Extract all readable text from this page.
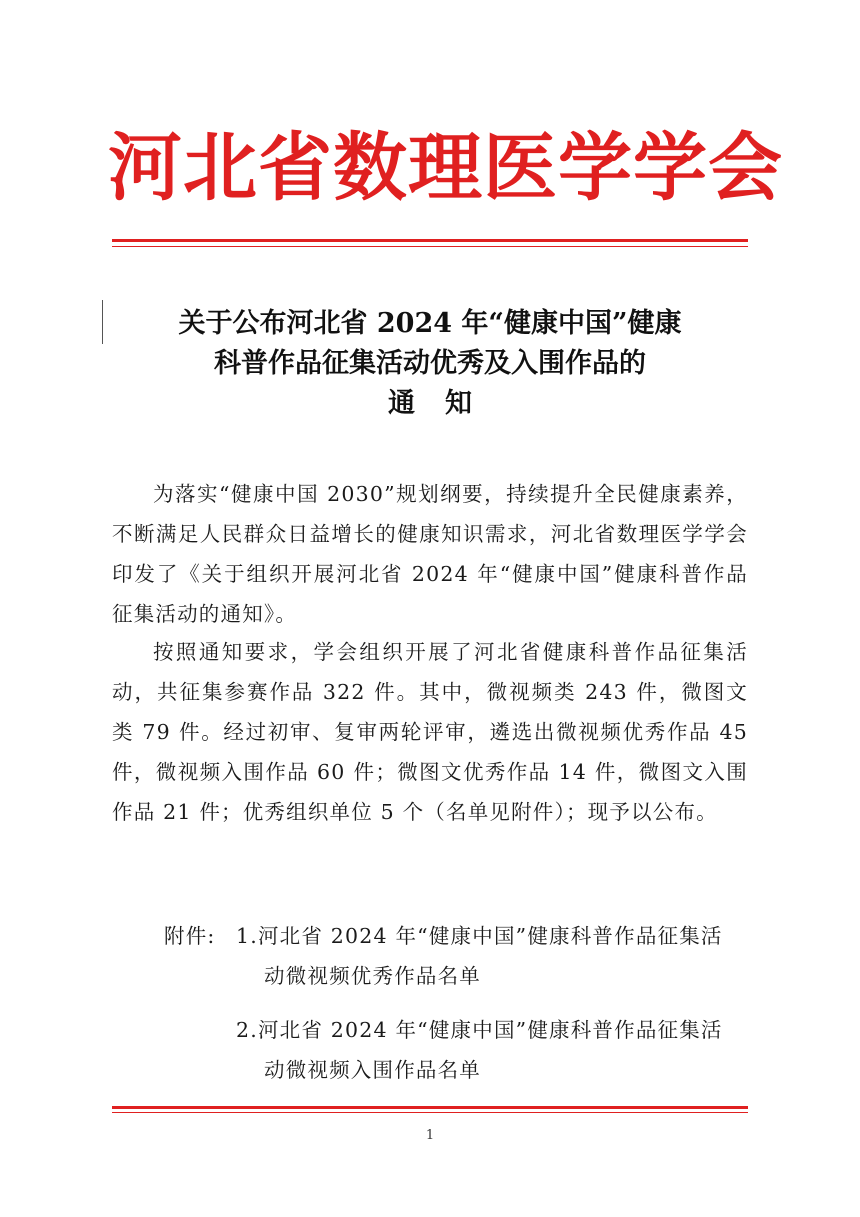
河北省数理医学学会
关于公布河北省 2024 年“健康中国”健康
科普作品征集活动优秀及入围作品的
通知

为落实“健康中国 2030”规划纲要，持续提升全民健康素养，不断满足人民群众日益增长的健康知识需求，河北省数理医学学会印发了《关于组织开展河北省 2024 年“健康中国”健康科普作品征集活动的通知》。

按照通知要求，学会组织开展了河北省健康科普作品征集活动，共征集参赛作品 322 件。其中，微视频类 243 件，微图文类 79 件。经过初审、复审两轮评审，遴选出微视频优秀作品 45 件，微视频入围作品 60 件；微图文优秀作品 14 件，微图文入围作品 21 件；优秀组织单位 5 个（名单见附件）；现予以公布。

附件: 1.河北省 2024 年“健康中国”健康科普作品征集活
动微视频优秀作品名单
2.河北省 2024 年“健康中国”健康科普作品征集活
动微视频入围作品名单
1
